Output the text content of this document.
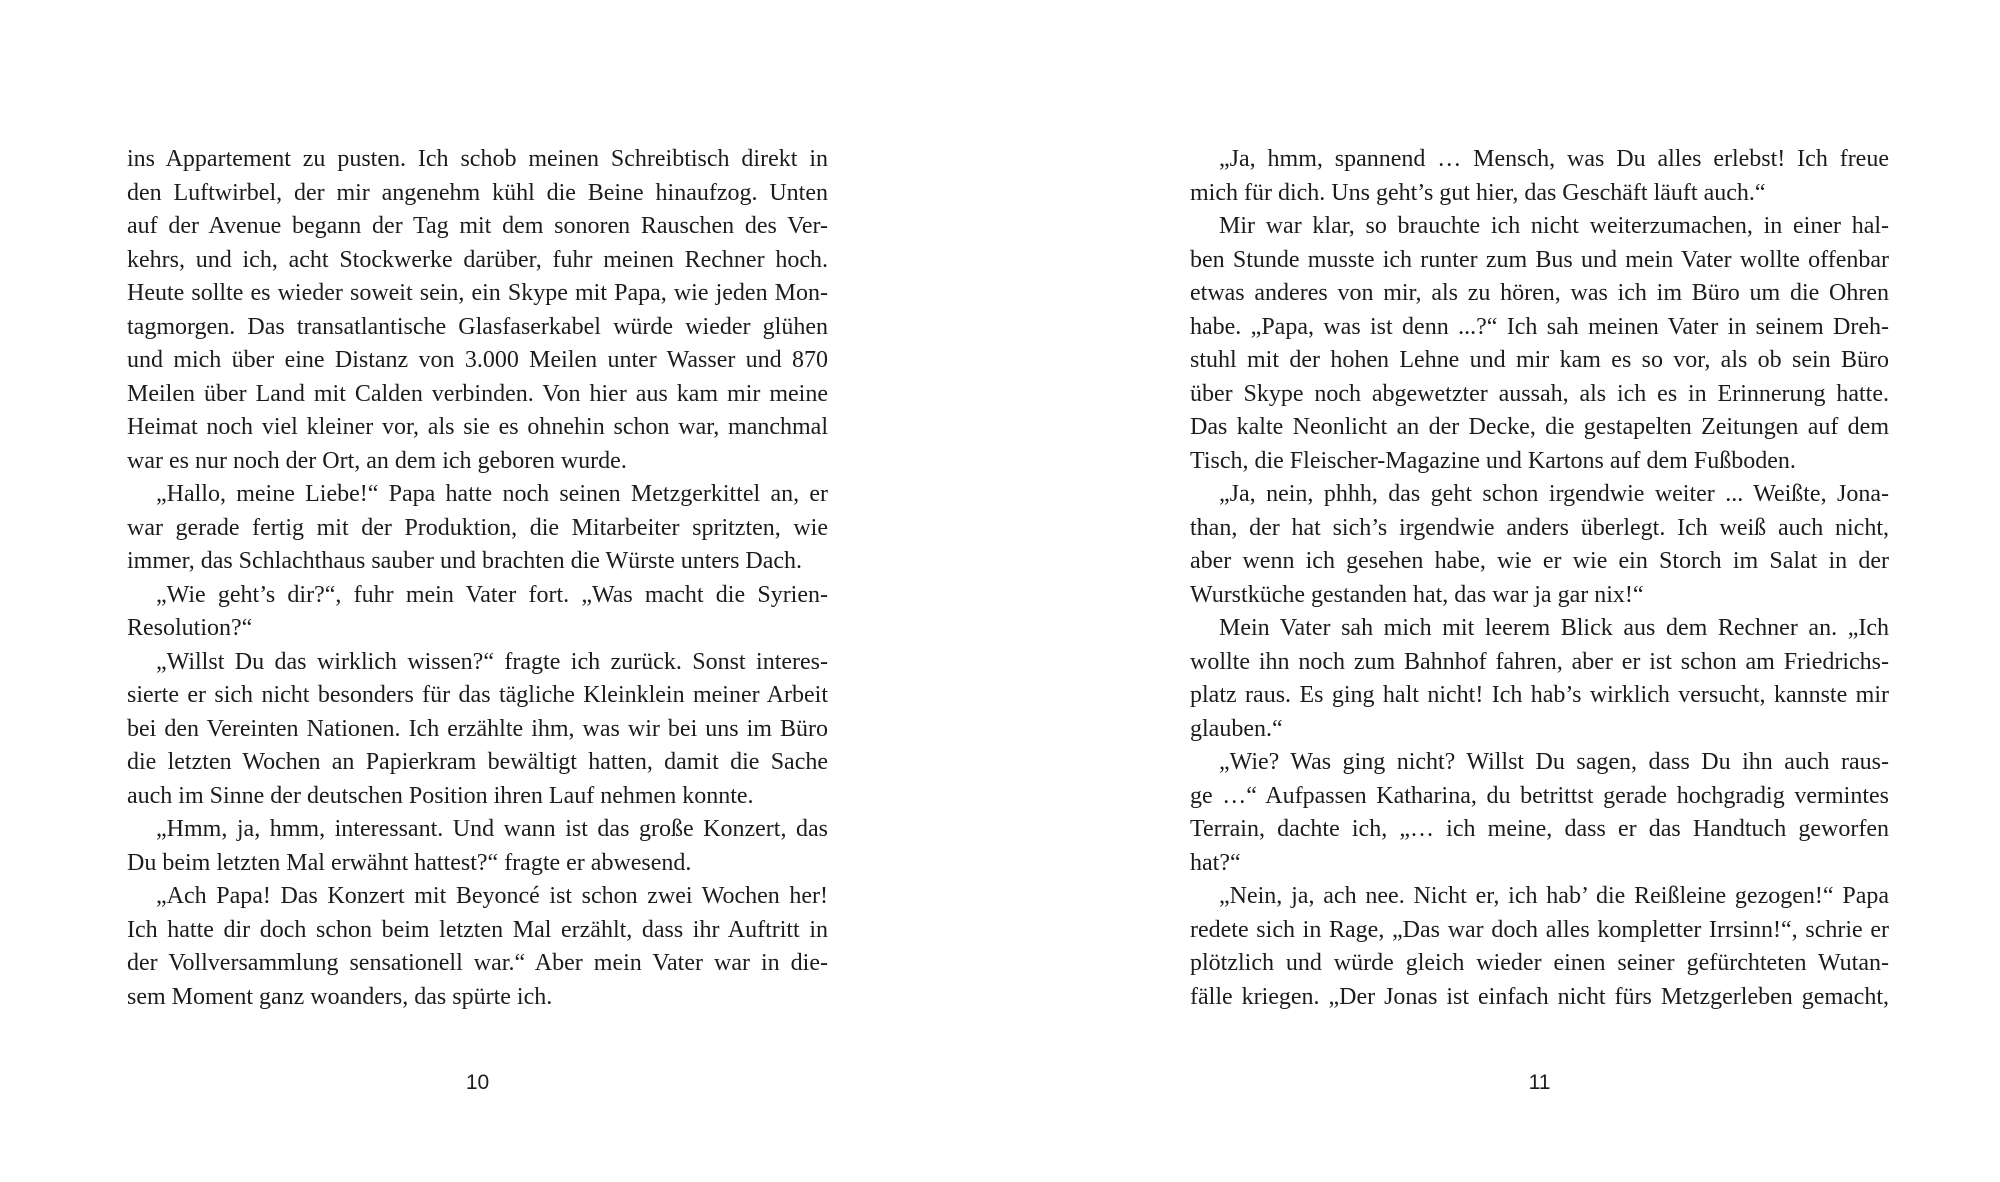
ins Appartement zu pusten. Ich schob meinen Schreibtisch direkt in
den Luftwirbel, der mir angenehm kühl die Beine hinaufzog. Unten
auf der Avenue begann der Tag mit dem sonoren Rauschen des Ver-
kehrs, und ich, acht Stockwerke darüber, fuhr meinen Rechner hoch.
Heute sollte es wieder soweit sein, ein Skype mit Papa, wie jeden Mon-
tagmorgen. Das transatlantische Glasfaserkabel würde wieder glühen
und mich über eine Distanz von 3.000 Meilen unter Wasser und 870
Meilen über Land mit Calden verbinden. Von hier aus kam mir meine
Heimat noch viel kleiner vor, als sie es ohnehin schon war, manchmal
war es nur noch der Ort, an dem ich geboren wurde.
„Hallo, meine Liebe!“ Papa hatte noch seinen Metzgerkittel an, er
war gerade fertig mit der Produktion, die Mitarbeiter spritzten, wie
immer, das Schlachthaus sauber und brachten die Würste unters Dach.
„Wie geht’s dir?“, fuhr mein Vater fort. „Was macht die Syrien-
Resolution?“
„Willst Du das wirklich wissen?“ fragte ich zurück. Sonst interes-
sierte er sich nicht besonders für das tägliche Kleinklein meiner Arbeit
bei den Vereinten Nationen. Ich erzählte ihm, was wir bei uns im Büro
die letzten Wochen an Papierkram bewältigt hatten, damit die Sache
auch im Sinne der deutschen Position ihren Lauf nehmen konnte.
„Hmm, ja, hmm, interessant. Und wann ist das große Konzert, das
Du beim letzten Mal erwähnt hattest?“ fragte er abwesend.
„Ach Papa! Das Konzert mit Beyoncé ist schon zwei Wochen her!
Ich hatte dir doch schon beim letzten Mal erzählt, dass ihr Auftritt in
der Vollversammlung sensationell war.“ Aber mein Vater war in die-
sem Moment ganz woanders, das spürte ich.
10
„Ja, hmm, spannend … Mensch, was Du alles erlebst! Ich freue
mich für dich. Uns geht’s gut hier, das Geschäft läuft auch.“
Mir war klar, so brauchte ich nicht weiterzumachen, in einer hal-
ben Stunde musste ich runter zum Bus und mein Vater wollte offenbar
etwas anderes von mir, als zu hören, was ich im Büro um die Ohren
habe. „Papa, was ist denn ...?“ Ich sah meinen Vater in seinem Dreh-
stuhl mit der hohen Lehne und mir kam es so vor, als ob sein Büro
über Skype noch abgewetzter aussah, als ich es in Erinnerung hatte.
Das kalte Neonlicht an der Decke, die gestapelten Zeitungen auf dem
Tisch, die Fleischer-Magazine und Kartons auf dem Fußboden.
„Ja, nein, phhh, das geht schon irgendwie weiter ... Weißte, Jona-
than, der hat sich’s irgendwie anders überlegt. Ich weiß auch nicht,
aber wenn ich gesehen habe, wie er wie ein Storch im Salat in der
Wurstküche gestanden hat, das war ja gar nix!“
Mein Vater sah mich mit leerem Blick aus dem Rechner an. „Ich
wollte ihn noch zum Bahnhof fahren, aber er ist schon am Friedrichs-
platz raus. Es ging halt nicht! Ich hab’s wirklich versucht, kannste mir
glauben.“
„Wie? Was ging nicht? Willst Du sagen, dass Du ihn auch raus-
ge …“ Aufpassen Katharina, du betrittst gerade hochgradig vermintes
Terrain, dachte ich, „… ich meine, dass er das Handtuch geworfen
hat?“
„Nein, ja, ach nee. Nicht er, ich hab’ die Reißleine gezogen!“ Papa
redete sich in Rage, „Das war doch alles kompletter Irrsinn!“, schrie er
plötzlich und würde gleich wieder einen seiner gefürchteten Wutan-
fälle kriegen. „Der Jonas ist einfach nicht fürs Metzgerleben gemacht,
11
